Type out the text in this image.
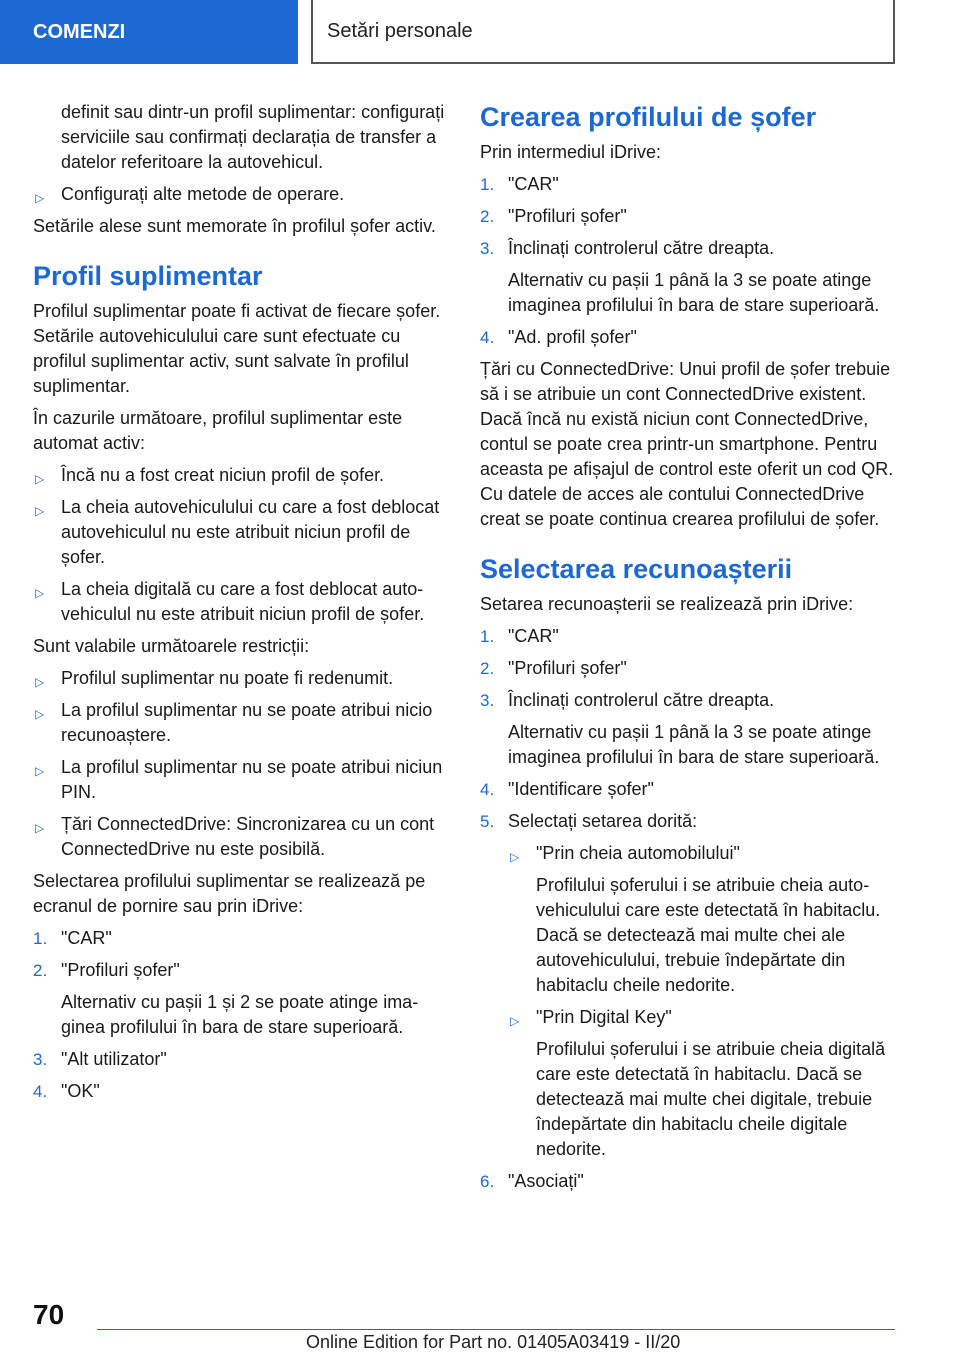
COMENZI	Setări personale

definit sau dintr-un profil suplimentar: configurați serviciile sau confirmați declarația de transfer a datelor referitoare la autovehicul.

▷ Configurați alte metode de operare.

Setările alese sunt memorate în profilul șofer activ.

Profil suplimentar

Profilul suplimentar poate fi activat de fiecare șofer. Setările autovehiculului care sunt efectuate cu profilul suplimentar activ, sunt salvate în profilul suplimentar.

În cazurile următoare, profilul suplimentar este automat activ:

▷ Încă nu a fost creat niciun profil de șofer.
▷ La cheia autovehiculului cu care a fost deblocat autovehiculul nu este atribuit niciun profil de șofer.
▷ La cheia digitală cu care a fost deblocat autovehiculul nu este atribuit niciun profil de șofer.

Sunt valabile următoarele restricții:

▷ Profilul suplimentar nu poate fi redenumit.
▷ La profilul suplimentar nu se poate atribui nicio recunoaștere.
▷ La profilul suplimentar nu se poate atribui niciun PIN.
▷ Țări ConnectedDrive: Sincronizarea cu un cont ConnectedDrive nu este posibilă.

Selectarea profilului suplimentar se realizează pe ecranul de pornire sau prin iDrive:

1. "CAR"
2. "Profiluri șofer"

Alternativ cu pașii 1 și 2 se poate atinge imaginea profilului în bara de stare superioară.

3. "Alt utilizator"
4. "OK"
Crearea profilului de șofer

Prin intermediul iDrive:

1. "CAR"
2. "Profiluri șofer"
3. Înclinați controlerul către dreapta.

Alternativ cu pașii 1 până la 3 se poate atinge imaginea profilului în bara de stare superioară.

4. "Ad. profil șofer"

Țări cu ConnectedDrive: Unui profil de șofer trebuie să i se atribuie un cont ConnectedDrive existent. Dacă încă nu există niciun cont ConnectedDrive, contul se poate crea printr-un smartphone. Pentru aceasta pe afișajul de control este oferit un cod QR. Cu datele de acces ale contului ConnectedDrive creat se poate continua crearea profilului de șofer.

Selectarea recunoașterii

Setarea recunoașterii se realizează prin iDrive:

1. "CAR"
2. "Profiluri șofer"
3. Înclinați controlerul către dreapta.

Alternativ cu pașii 1 până la 3 se poate atinge imaginea profilului în bara de stare superioară.

4. "Identificare șofer"
5. Selectați setarea dorită:
▷ "Prin cheia automobilului"

Profilului șoferului i se atribuie cheia autovehiculului care este detectată în habitaclu. Dacă se detectează mai multe chei ale autovehiculului, trebuie îndepărtate din habitaclu cheile nedorite.

▷ "Prin Digital Key"

Profilului șoferului i se atribuie cheia digitală care este detectată în habitaclu. Dacă se detectează mai multe chei digitale, trebuie îndepărtate din habitaclu cheile digitale nedorite.

6. "Asociați"
70
Online Edition for Part no. 01405A03419 - II/20
